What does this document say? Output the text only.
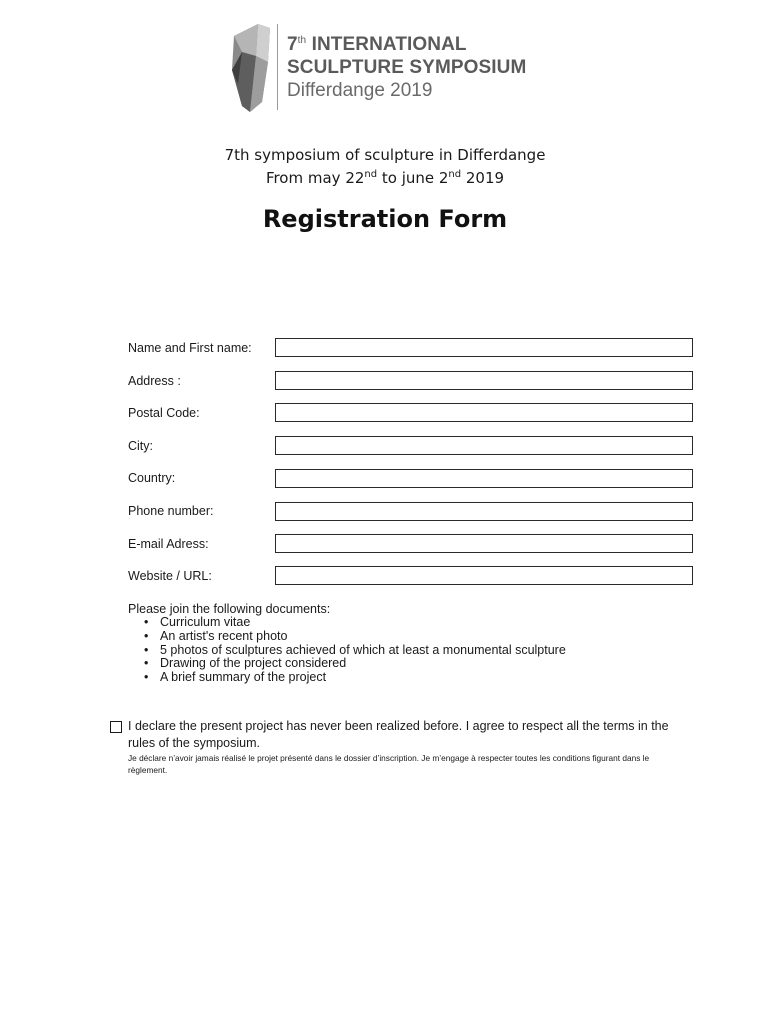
7th INTERNATIONAL
SCULPTURE SYMPOSIUM
Differdange 2019
7th symposium of sculpture in Differdange
From may 22nd to june 2nd 2019
Registration Form
Name and First name:
Address :
Postal Code:
City:
Country:
Phone number:
E-mail Adress:
Website / URL:
Please join the following documents:
• Curriculum vitae
• An artist's recent photo
• 5 photos of sculptures achieved of which at least a monumental sculpture
• Drawing of the project considered
• A brief summary of the project
I declare the present project has never been realized before. I agree to respect all the terms in the rules of the symposium.
Je déclare n’avoir jamais réalisé le projet présenté dans le dossier d’inscription. Je m’engage à respecter toutes les conditions figurant dans le règlement.
